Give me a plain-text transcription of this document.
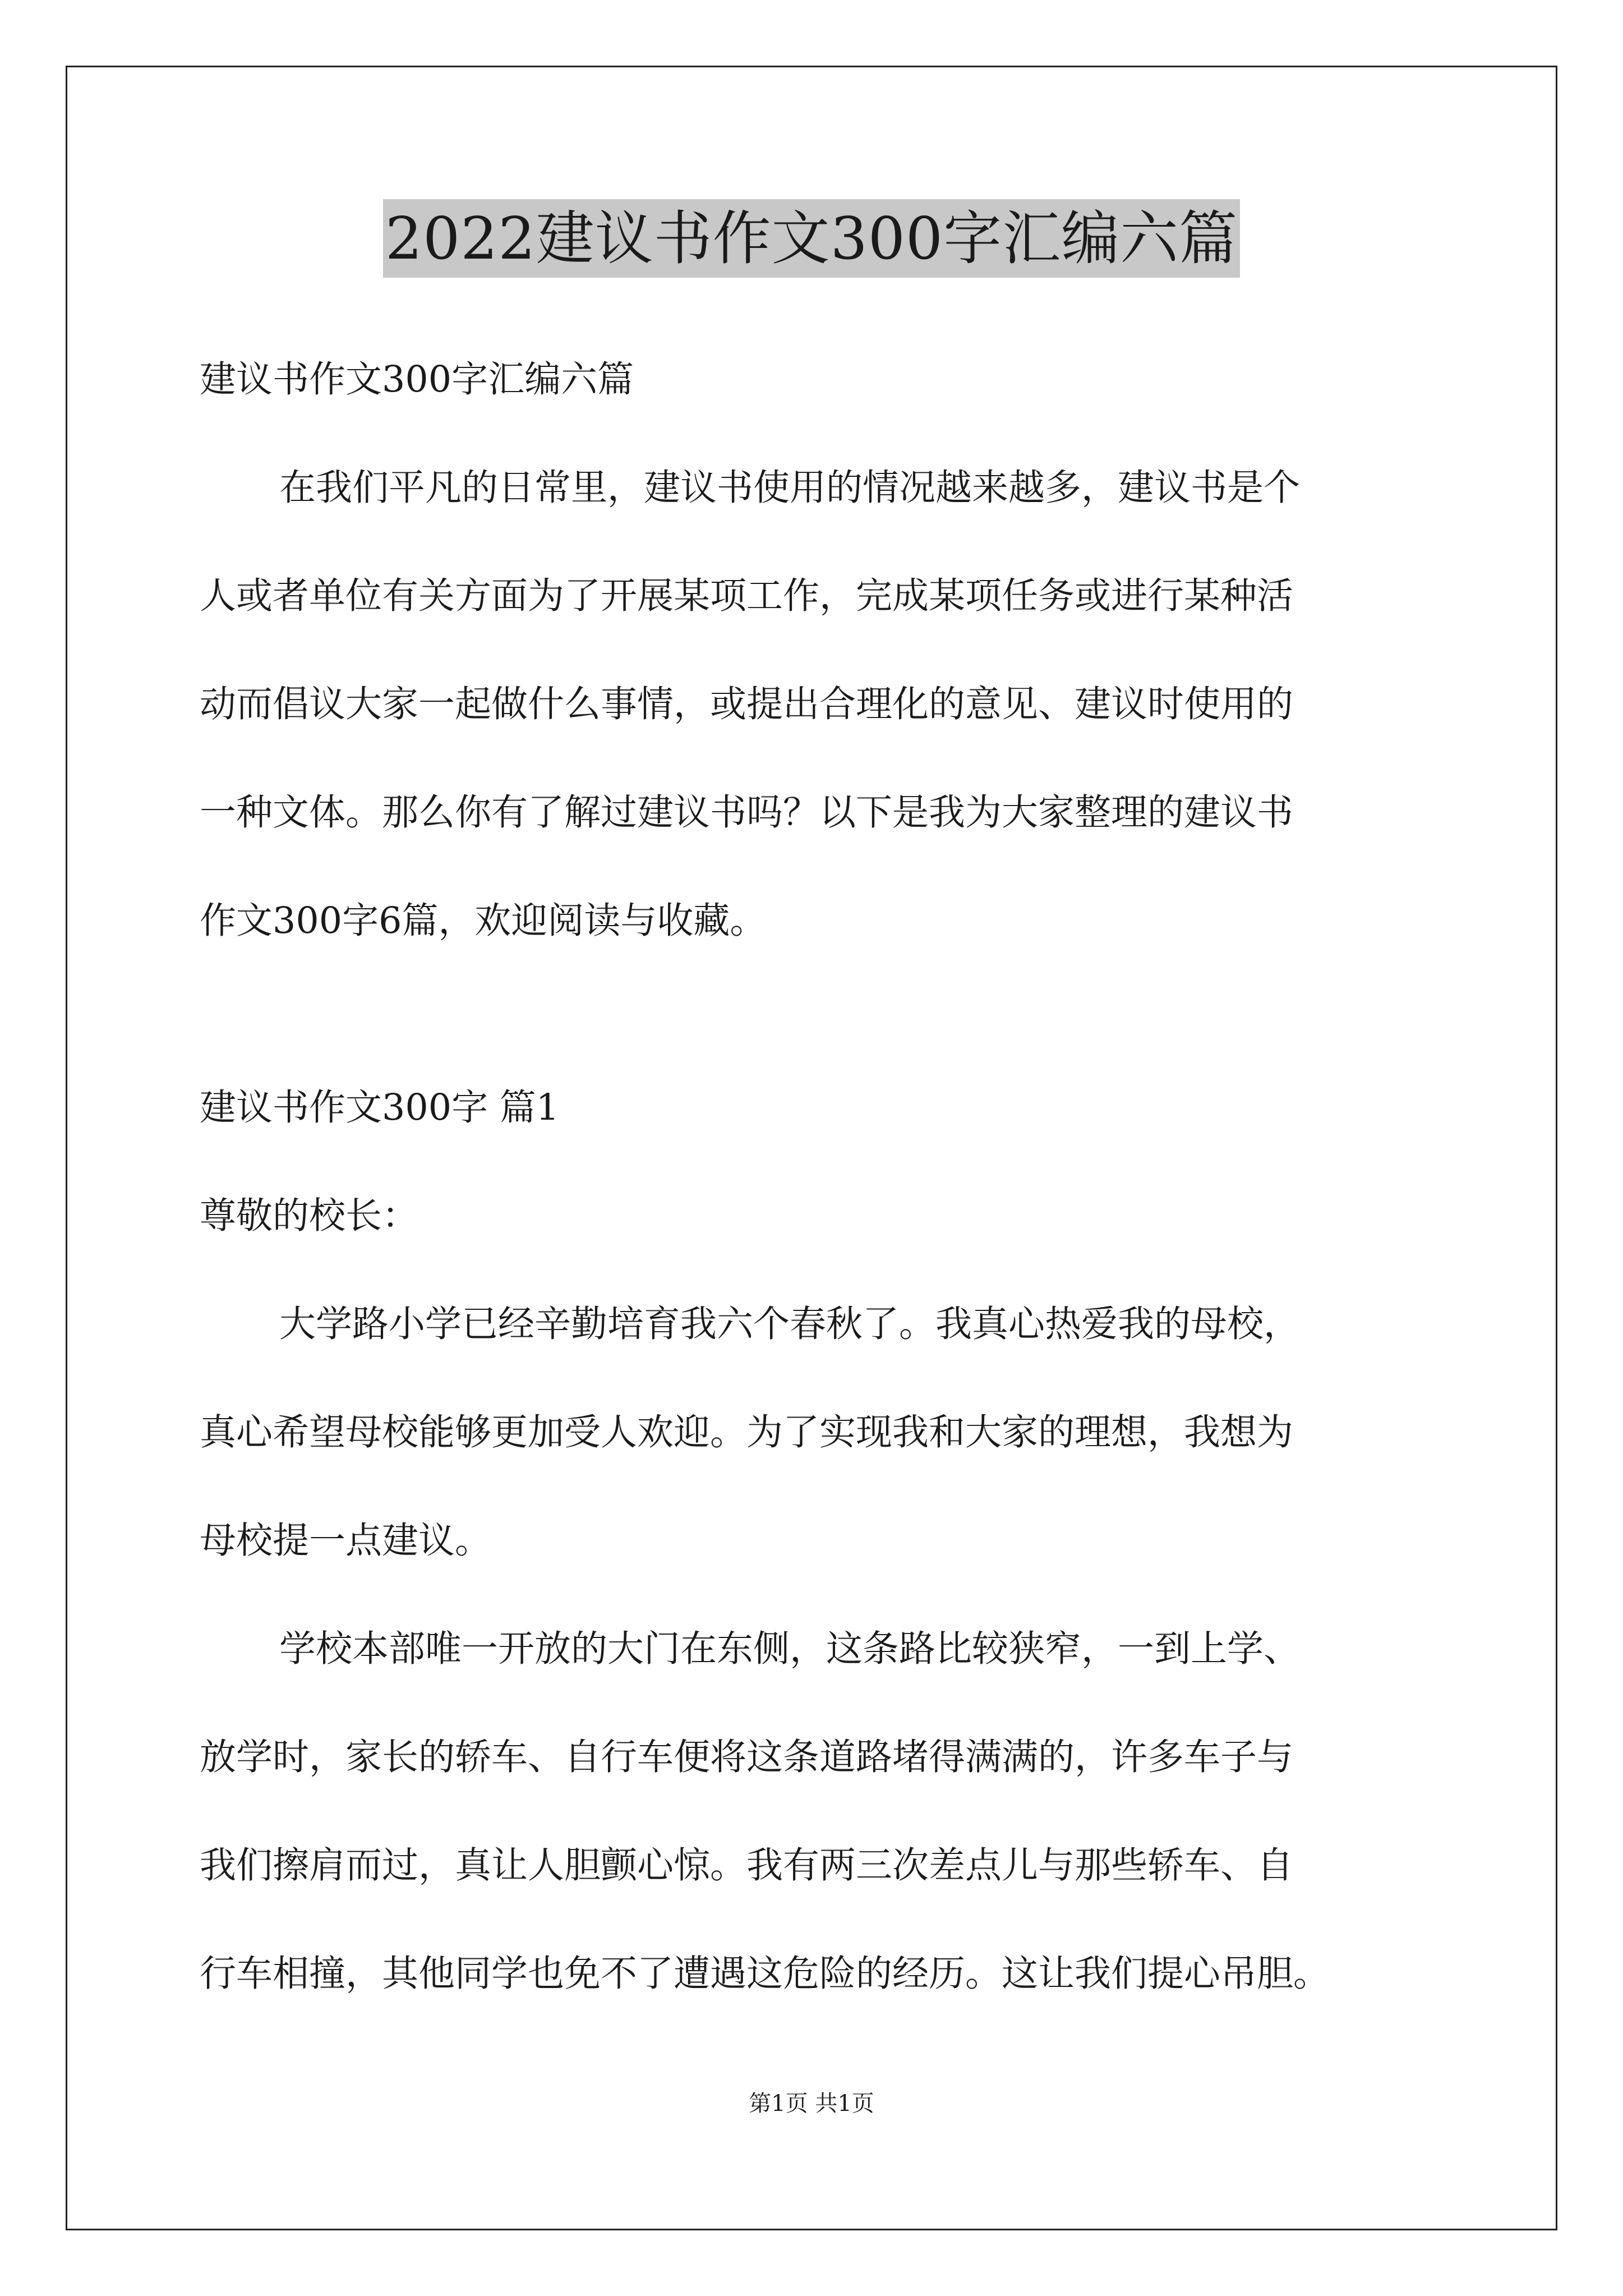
2022建议书作文300字汇编六篇
建议书作文300字汇编六篇
在我们平凡的日常里，建议书使用的情况越来越多，建议书是个
人或者单位有关方面为了开展某项工作，完成某项任务或进行某种活
动而倡议大家一起做什么事情，或提出合理化的意见、建议时使用的
一种文体。那么你有了解过建议书吗？以下是我为大家整理的建议书
作文300字6篇，欢迎阅读与收藏。
建议书作文300字 篇1
尊敬的校长：
大学路小学已经辛勤培育我六个春秋了。我真心热爱我的母校，
真心希望母校能够更加受人欢迎。为了实现我和大家的理想，我想为
母校提一点建议。
学校本部唯一开放的大门在东侧，这条路比较狭窄，一到上学、
放学时，家长的轿车、自行车便将这条道路堵得满满的，许多车子与
我们擦肩而过，真让人胆颤心惊。我有两三次差点儿与那些轿车、自
行车相撞，其他同学也免不了遭遇这危险的经历。这让我们提心吊胆。
第1页 共1页
